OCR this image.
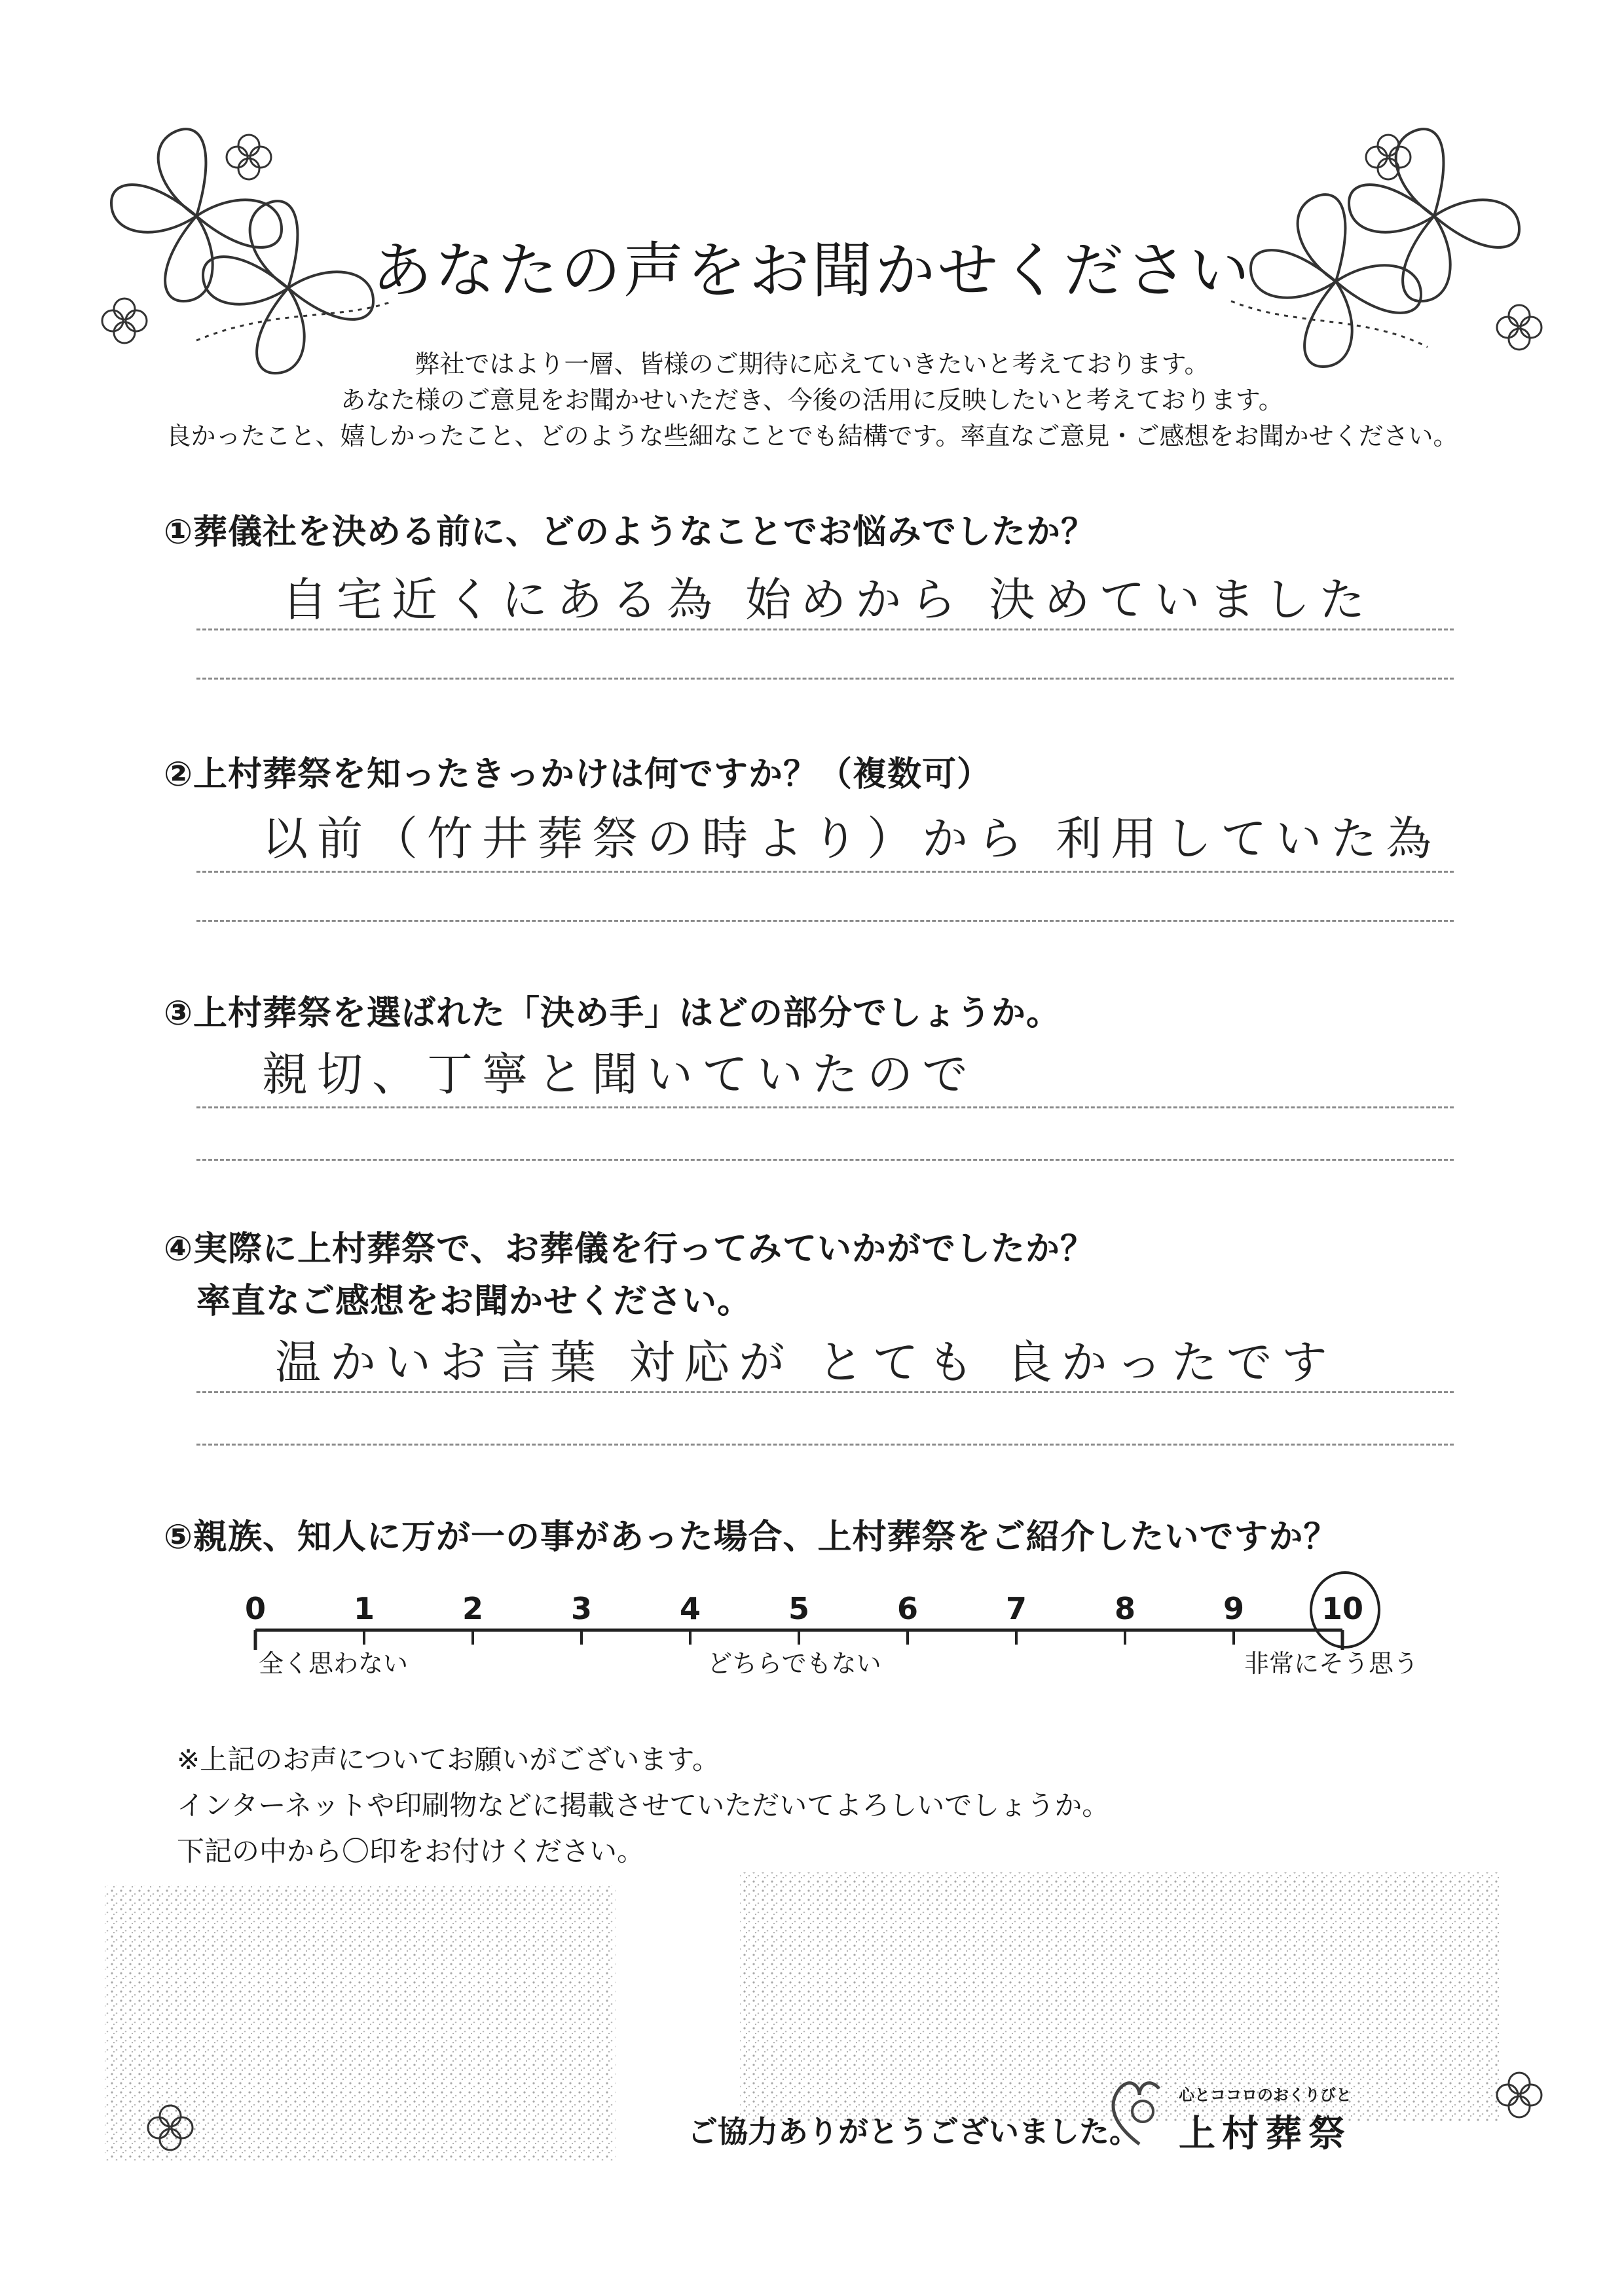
あなたの声をお聞かせください
弊社ではより一層、皆様のご期待に応えていきたいと考えております。
あなた様のご意見をお聞かせいただき、今後の活用に反映したいと考えております。
良かったこと、嬉しかったこと、どのような些細なことでも結構です。率直なご意見・ご感想をお聞かせください。
①葬儀社を決める前に、どのようなことでお悩みでしたか？
自宅近くにある為 始めから 決めていました
②上村葬祭を知ったきっかけは何ですか？（複数可）
以前（竹井葬祭の時より）から 利用していた為
③上村葬祭を選ばれた「決め手」はどの部分でしょうか。
親切、丁寧と聞いていたので
④実際に上村葬祭で、お葬儀を行ってみていかがでしたか？
率直なご感想をお聞かせください。
温かいお言葉 対応が とても 良かったです
⑤親族、知人に万が一の事があった場合、上村葬祭をご紹介したいですか？
0	1	2	3	4	5	6	7	8	9	10
全く思わない	どちらでもない	非常にそう思う
※上記のお声についてお願いがございます。
インターネットや印刷物などに掲載させていただいてよろしいでしょうか。
下記の中から〇印をお付けください。
ご協力ありがとうございました。
心とココロのおくりびと
上村葬祭
